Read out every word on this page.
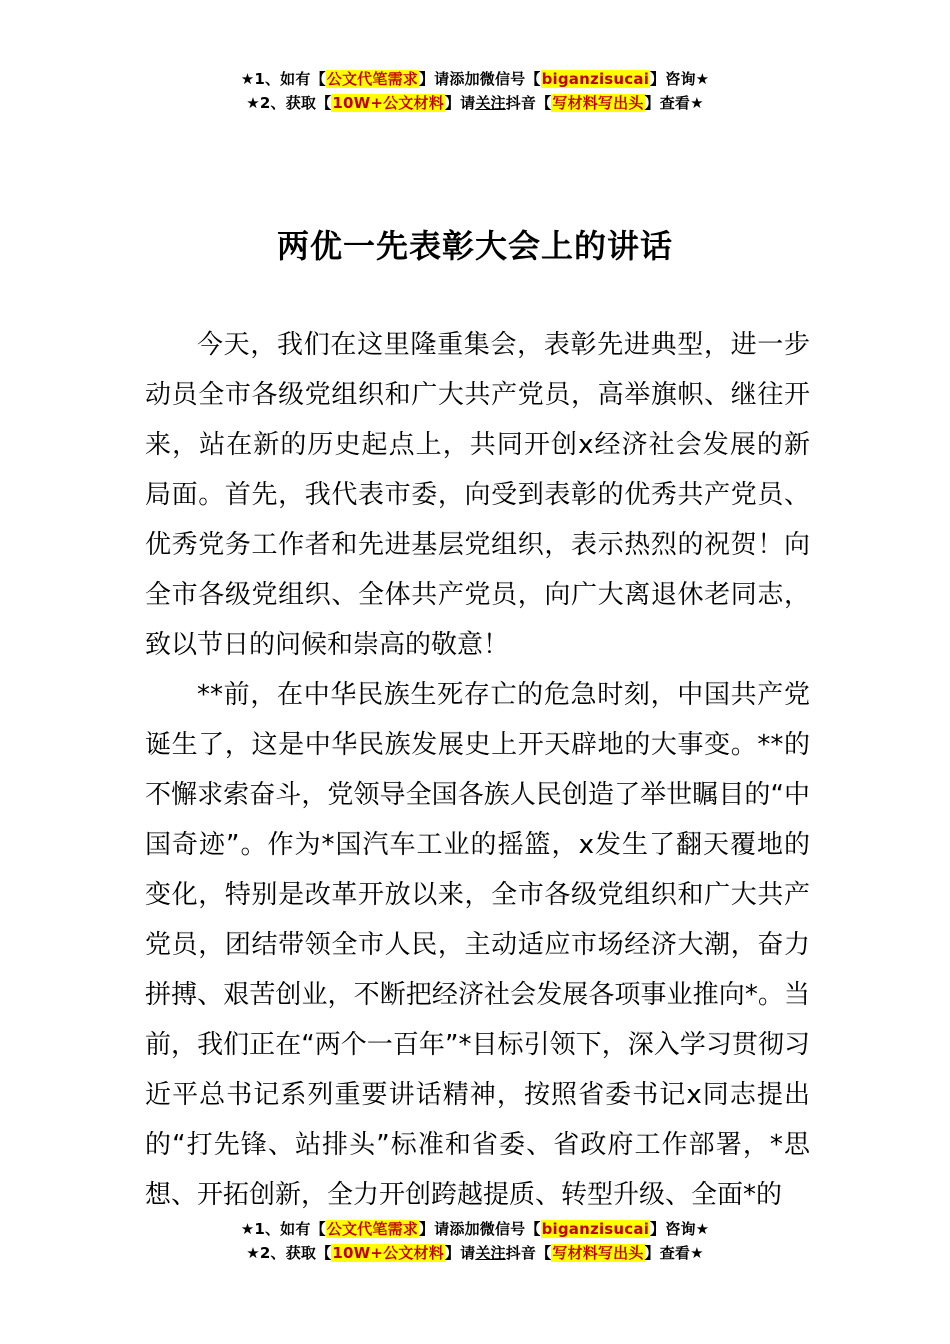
★1、如有【公文代笔需求】请添加微信号【biganzisucai】咨询★
★2、获取【10W+公文材料】请关注抖音【写材料写出头】查看★
两优一先表彰大会上的讲话

今天，我们在这里隆重集会，表彰先进典型，进一步动员全市各级党组织和广大共产党员，高举旗帜、继往开来，站在新的历史起点上，共同开创x经济社会发展的新局面。首先，我代表市委，向受到表彰的优秀共产党员、优秀党务工作者和先进基层党组织，表示热烈的祝贺！向全市各级党组织、全体共产党员，向广大离退休老同志，致以节日的问候和崇高的敬意！

**前，在中华民族生死存亡的危急时刻，中国共产党诞生了，这是中华民族发展史上开天辟地的大事变。**的不懈求索奋斗，党领导全国各族人民创造了举世瞩目的“中国奇迹”。作为*国汽车工业的摇篮，x发生了翻天覆地的变化，特别是改革开放以来，全市各级党组织和广大共产党员，团结带领全市人民，主动适应市场经济大潮，奋力拼搏、艰苦创业，不断把经济社会发展各项事业推向*。当前，我们正在“两个一百年”*目标引领下，深入学习贯彻习近平总书记系列重要讲话精神，按照省委书记x同志提出的“打先锋、站排头”标准和省委、省政府工作部署，*思想、开拓创新，全力开创跨越提质、转型升级、全面*的

★1、如有【公文代笔需求】请添加微信号【biganzisucai】咨询★
★2、获取【10W+公文材料】请关注抖音【写材料写出头】查看★
